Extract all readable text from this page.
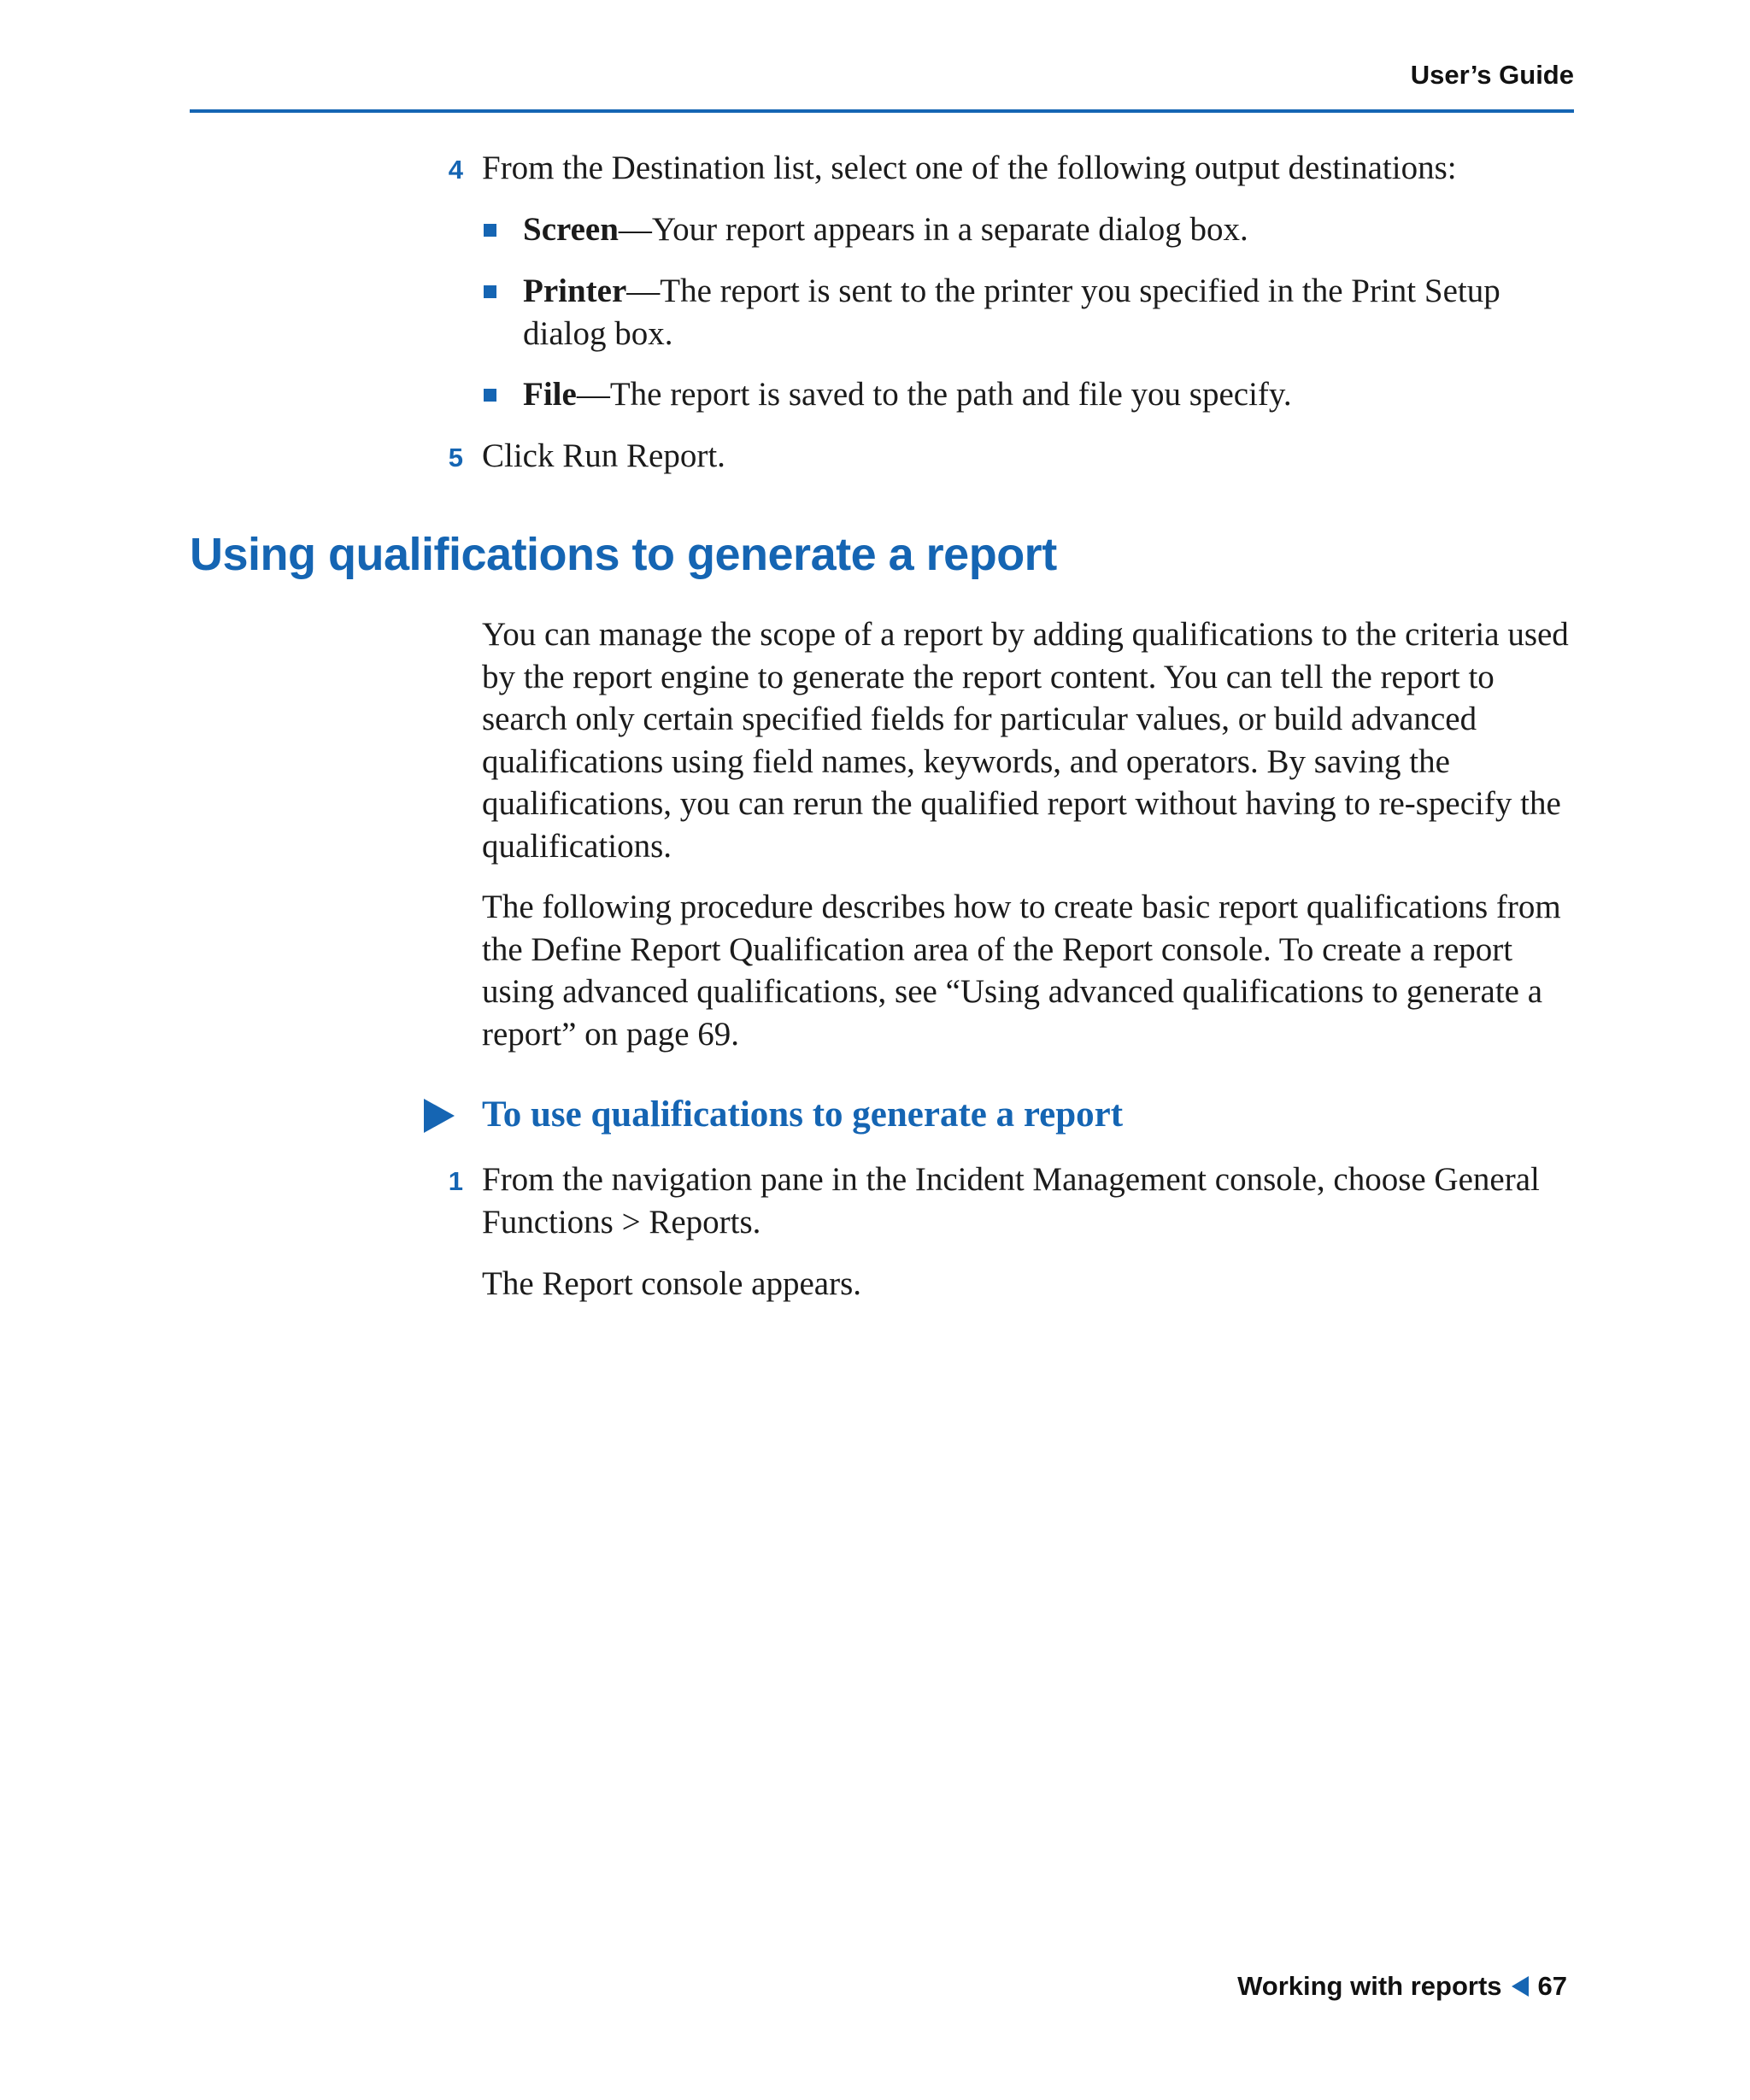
User’s Guide
4 From the Destination list, select one of the following output destinations:
Screen—Your report appears in a separate dialog box.
Printer—The report is sent to the printer you specified in the Print Setup dialog box.
File—The report is saved to the path and file you specify.
5 Click Run Report.
Using qualifications to generate a report
You can manage the scope of a report by adding qualifications to the criteria used by the report engine to generate the report content. You can tell the report to search only certain specified fields for particular values, or build advanced qualifications using field names, keywords, and operators. By saving the qualifications, you can rerun the qualified report without having to re-specify the qualifications.
The following procedure describes how to create basic report qualifications from the Define Report Qualification area of the Report console. To create a report using advanced qualifications, see “Using advanced qualifications to generate a report” on page 69.
To use qualifications to generate a report
1 From the navigation pane in the Incident Management console, choose General Functions > Reports.
The Report console appears.
Working with reports 67
